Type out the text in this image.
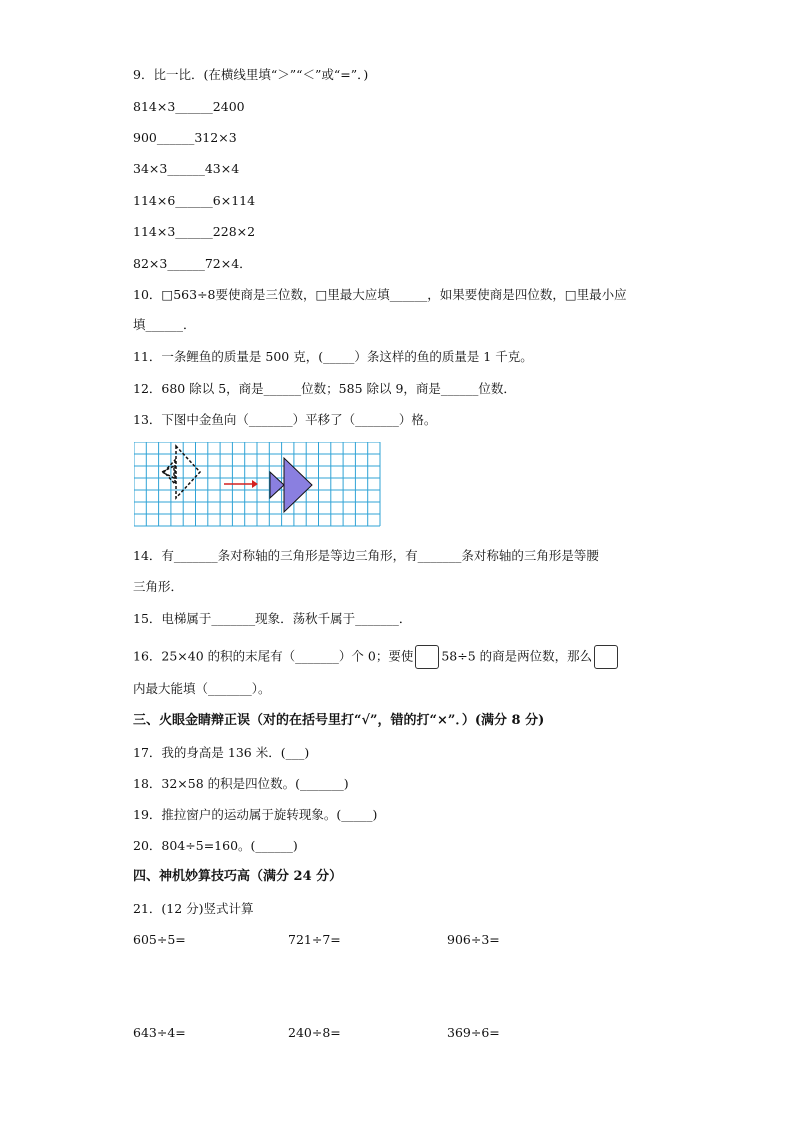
9．比一比．(在横线里填“＞”“＜”或“=”．)
814×3______2400
900______312×3
34×3______43×4
114×6______6×114
114×3______228×2
82×3______72×4．
10．□563÷8要使商是三位数，□里最大应填______，如果要使商是四位数，□里最小应
填______．
11．一条鲤鱼的质量是 500 克，(_____）条这样的鱼的质量是 1 千克。
12．680 除以 5，商是______位数；585 除以 9，商是______位数．
13．下图中金鱼向（_______）平移了（_______）格。
14．有_______条对称轴的三角形是等边三角形，有_______条对称轴的三角形是等腰
三角形．
15．电梯属于_______现象．荡秋千属于_______．
16．25×40 的积的末尾有（_______）个 0；要使 58÷5 的商是两位数，那么
内最大能填（_______）。
三、火眼金睛辩正误（对的在括号里打“√”，错的打“×”．）(满分 8 分)
17．我的身高是 136 米．(___)
18．32×58 的积是四位数。(_______)
19．推拉窗户的运动属于旋转现象。(_____)
20．804÷5=160。(______)
四、神机妙算技巧高（满分 24 分）
21．(12 分)竖式计算
605÷5=	721÷7=	906÷3=
643÷4=	240÷8=	369÷6=
